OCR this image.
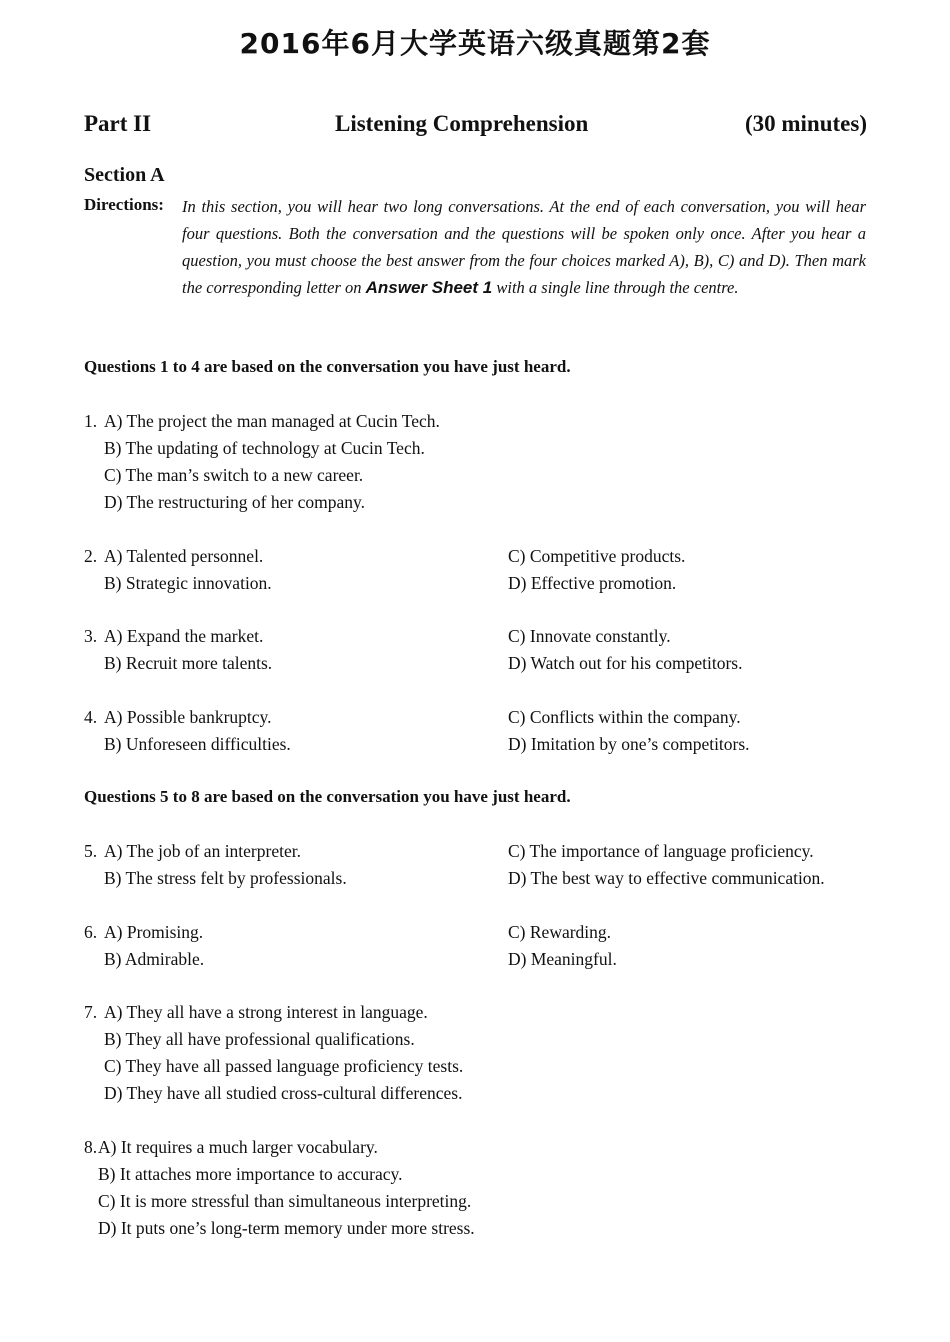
2016年6月大学英语六级真题第2套
Part II	Listening Comprehension	(30 minutes)
Section A
Directions: In this section, you will hear two long conversations. At the end of each conversation, you will hear four questions. Both the conversation and the questions will be spoken only once. After you hear a question, you must choose the best answer from the four choices marked A), B), C) and D). Then mark the corresponding letter on Answer Sheet 1 with a single line through the centre.
Questions 1 to 4 are based on the conversation you have just heard.
1. A) The project the man managed at Cucin Tech.
B) The updating of technology at Cucin Tech.
C) The man’s switch to a new career.
D) The restructuring of her company.
2. A) Talented personnel.
B) Strategic innovation.
C) Competitive products.
D) Effective promotion.
3. A) Expand the market.
B) Recruit more talents.
C) Innovate constantly.
D) Watch out for his competitors.
4. A) Possible bankruptcy.
B) Unforeseen difficulties.
C) Conflicts within the company.
D) Imitation by one’s competitors.
Questions 5 to 8 are based on the conversation you have just heard.
5. A) The job of an interpreter.
B) The stress felt by professionals.
C) The importance of language proficiency.
D) The best way to effective communication.
6. A) Promising.
B) Admirable.
C) Rewarding.
D) Meaningful.
7. A) They all have a strong interest in language.
B) They all have professional qualifications.
C) They have all passed language proficiency tests.
D) They have all studied cross-cultural differences.
8. A) It requires a much larger vocabulary.
B) It attaches more importance to accuracy.
C) It is more stressful than simultaneous interpreting.
D) It puts one’s long-term memory under more stress.
